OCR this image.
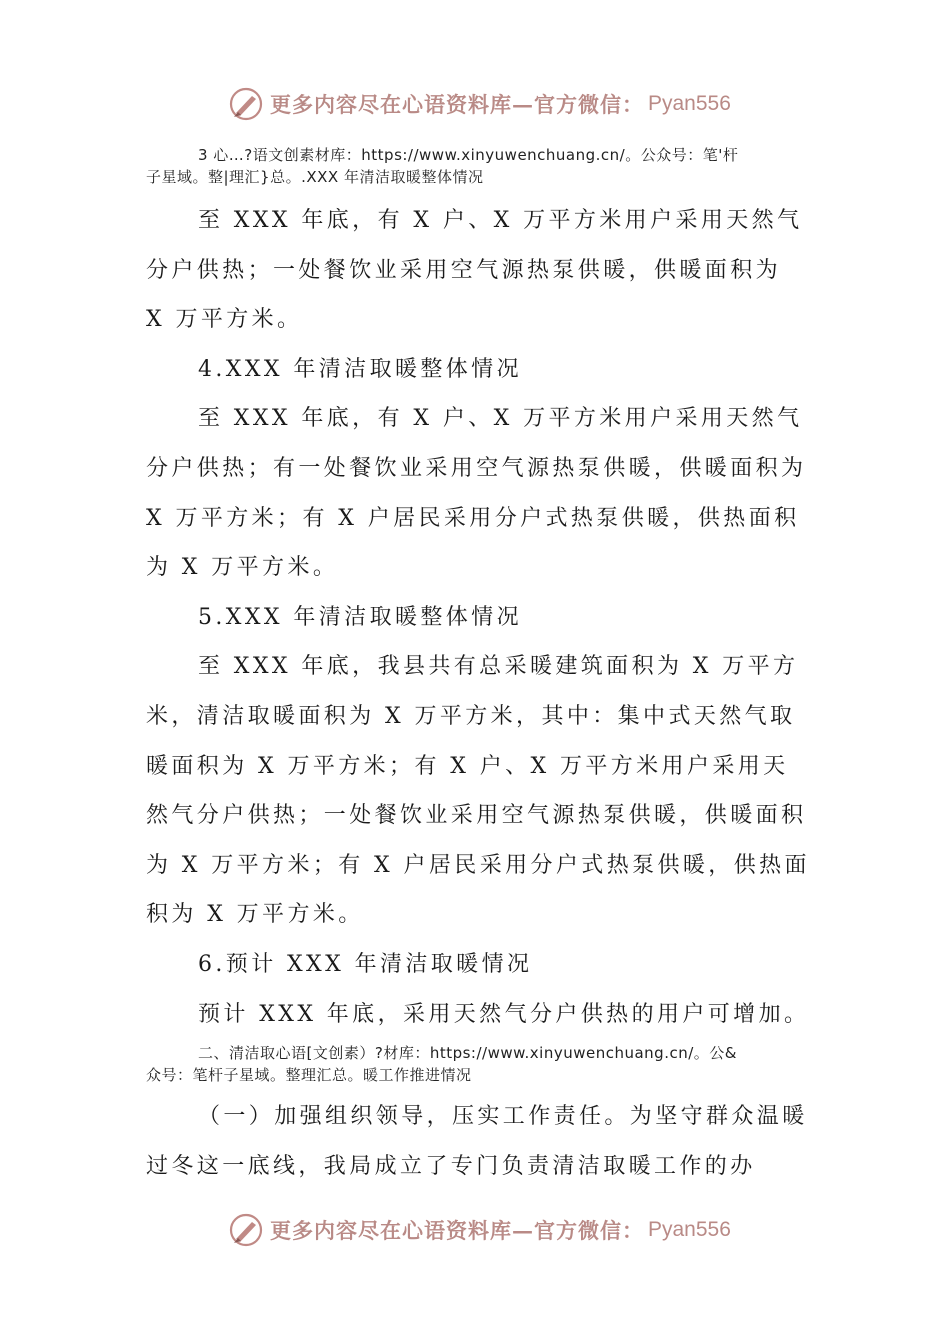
更多内容尽在心语资料库—官方微信： Pyan556
3 心…?语文创素材库：https://www.xinyuwenchuang.cn/。公众号：笔'杆
子星域。整|理汇}总。.XXX 年清洁取暖整体情况

至 XXX 年底，有 X 户、X 万平方米用户采用天然气分户供热；一处餐饮业采用空气源热泵供暖，供暖面积为 X 万平方米。

4.XXX 年清洁取暖整体情况

至 XXX 年底，有 X 户、X 万平方米用户采用天然气分户供热；有一处餐饮业采用空气源热泵供暖，供暖面积为 X 万平方米；有 X 户居民采用分户式热泵供暖，供热面积为 X 万平方米。

5.XXX 年清洁取暖整体情况

至 XXX 年底，我县共有总采暖建筑面积为 X 万平方米，清洁取暖面积为 X 万平方米，其中：集中式天然气取暖面积为 X 万平方米；有 X 户、X 万平方米用户采用天然气分户供热；一处餐饮业采用空气源热泵供暖，供暖面积为 X 万平方米；有 X 户居民采用分户式热泵供暖，供热面积为 X 万平方米。

6.预计 XXX 年清洁取暖情况

预计 XXX 年底，采用天然气分户供热的用户可增加。

二、清洁取心语[文创素）?材库：https://www.xinyuwenchuang.cn/。公&
众号：笔杆子星域。整理汇总。暖工作推进情况

（一）加强组织领导，压实工作责任。为坚守群众温暖过冬这一底线，我局成立了专门负责清洁取暖工作的办

更多内容尽在心语资料库—官方微信： Pyan556
